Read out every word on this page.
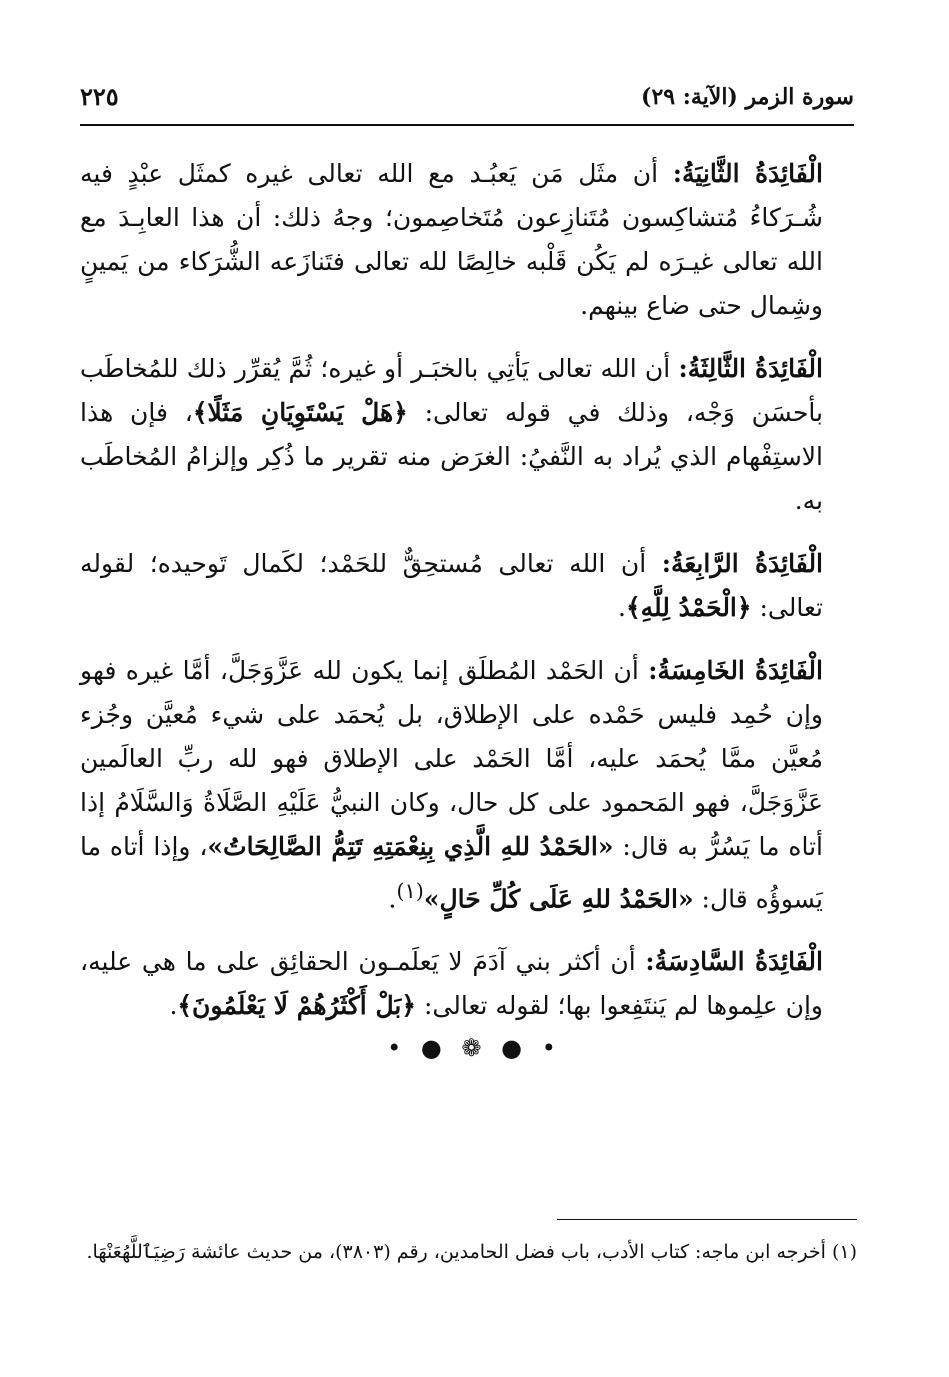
سورة الزمر (الآية: ٢٩)
٢٢٥

الْفَائِدَةُ الثَّانِيَةُ: أن مثَل مَن يَعبُـد مع الله تعالى غيره كمثَل عبْدٍ فيه شُـرَكاءُ مُتشاكِسون مُتَنازِعون مُتَخاصِمون؛ وجهُ ذلك: أن هذا العابِـدَ مع الله تعالى غيـرَه لم يَكُن قَلْبه خالِصًا لله تعالى فتَنازَعه الشُّرَكاء من يَمينٍ وشِمال حتى ضاع بينهم.

الْفَائِدَةُ الثَّالِثَةُ: أن الله تعالى يَأتِي بالخبَـر أو غيره؛ ثُمَّ يُقرِّر ذلك للمُخاطَب بأحسَن وَجْه، وذلك في قوله تعالى: ﴿هَلْ يَسْتَوِيَانِ مَثَلًا﴾، فإن هذا الاستِفْهام الذي يُراد به النَّفيُ: الغرَض منه تقرير ما ذُكِر وإلزامُ المُخاطَب به.

الْفَائِدَةُ الرَّابِعَةُ: أن الله تعالى مُستحِقٌّ للحَمْد؛ لكَمال تَوحيده؛ لقوله تعالى: ﴿الْحَمْدُ لِلَّهِ﴾.

الْفَائِدَةُ الخَامِسَةُ: أن الحَمْد المُطلَق إنما يكون لله عَزَّوَجَلَّ، أمَّا غيره فهو وإن حُمِد فليس حَمْده على الإطلاق، بل يُحمَد على شيء مُعيَّن وجُزء مُعيَّن ممَّا يُحمَد عليه، أمَّا الحَمْد على الإطلاق فهو لله ربِّ العالَمين عَزَّوَجَلَّ، فهو المَحمود على كل حال، وكان النبيُّ عَلَيْهِ الصَّلَاةُ وَالسَّلَامُ إذا أتاه ما يَسُرُّ به قال: «الحَمْدُ للهِ الَّذِي بِنِعْمَتِهِ تَتِمُّ الصَّالِحَاتُ»، وإذا أتاه ما يَسوؤُه قال: «الحَمْدُ للهِ عَلَى كُلِّ حَالٍ»$^{(١)}$.

الْفَائِدَةُ السَّادِسَةُ: أن أكثر بني آدَمَ لا يَعلَمـون الحقائِق على ما هي عليه، وإن علِموها لم يَنتَفِعوا بها؛ لقوله تعالى: ﴿بَلْ أَكْثَرُهُمْ لَا يَعْلَمُونَ﴾.

• ● ❁ ● •
(١) أخرجه ابن ماجه: كتاب الأدب، باب فضل الحامدين، رقم (٣٨٠٣)، من حديث عائشة رَضِيَٱللَّهُعَنْهَا.
